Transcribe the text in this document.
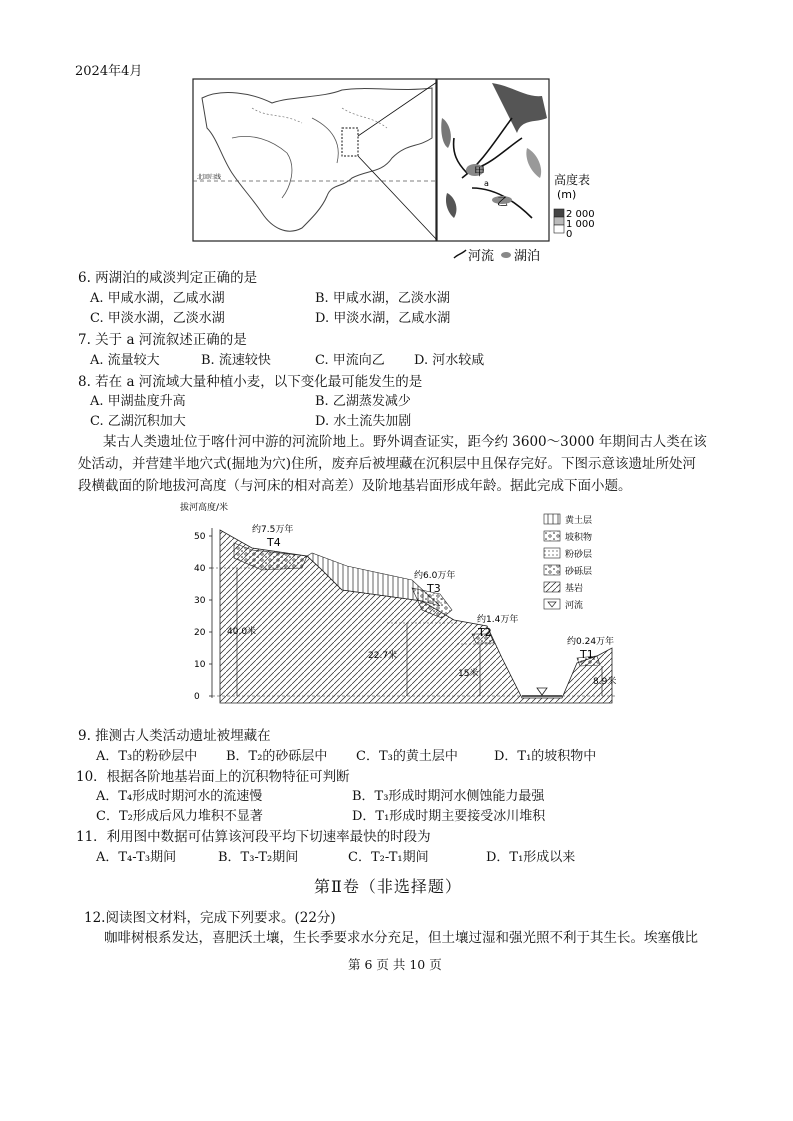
2024年4月
北回归线	甲
乙
a	高度表
(m)
2 000
1 000
0
河流 湖泊
6. 两湖泊的咸淡判定正确的是
A. 甲咸水湖，乙咸水湖	B. 甲咸水湖，乙淡水湖
C. 甲淡水湖，乙淡水湖	D. 甲淡水湖，乙咸水湖
7. 关于 a 河流叙述正确的是
A. 流量较大	B. 流速较快	C. 甲流向乙 D. 河水较咸
8. 若在 a 河流域大量种植小麦，以下变化最可能发生的是
A. 甲湖盐度升高	B. 乙湖蒸发减少
C. 乙湖沉积加大	D. 水土流失加剧
某古人类遗址位于喀什河中游的河流阶地上。野外调查证实，距今约 3600～3000 年期间古人类在该
处活动，并营建半地穴式(掘地为穴)住所，废弃后被埋藏在沉积层中且保存完好。下图示意该遗址所处河
段横截面的阶地拔河高度（与河床的相对高差）及阶地基岩面形成年龄。据此完成下面小题。
拔河高度/米
50
40
30
20
10
0
40.0米
22.7米
15米
8.9米
约7.5万年
T4
约6.0万年
T3
约1.4万年
T2
约0.24万年
T1
黄土层
坡积物
粉砂层
砂砾层
基岩
河流
9. 推测古人类活动遗址被埋藏在
A．T₃的粉砂层中 B．T₂的砂砾层中 C．T₃的黄土层中	D．T₁的坡积物中
10．根据各阶地基岩面上的沉积物特征可判断
A．T₄形成时期河水的流速慢	B．T₃形成时期河水侧蚀能力最强
C．T₂形成后风力堆积不显著	D．T₁形成时期主要接受冰川堆积
11．利用图中数据可估算该河段平均下切速率最快的时段为
A．T₄-T₃期间	B．T₃-T₂期间	C．T₂-T₁期间	D．T₁形成以来
第Ⅱ卷（非选择题）
12.阅读图文材料，完成下列要求。(22分)
咖啡树根系发达，喜肥沃土壤，生长季要求水分充足，但土壤过湿和强光照不利于其生长。埃塞俄比
第 6 页 共 10 页
